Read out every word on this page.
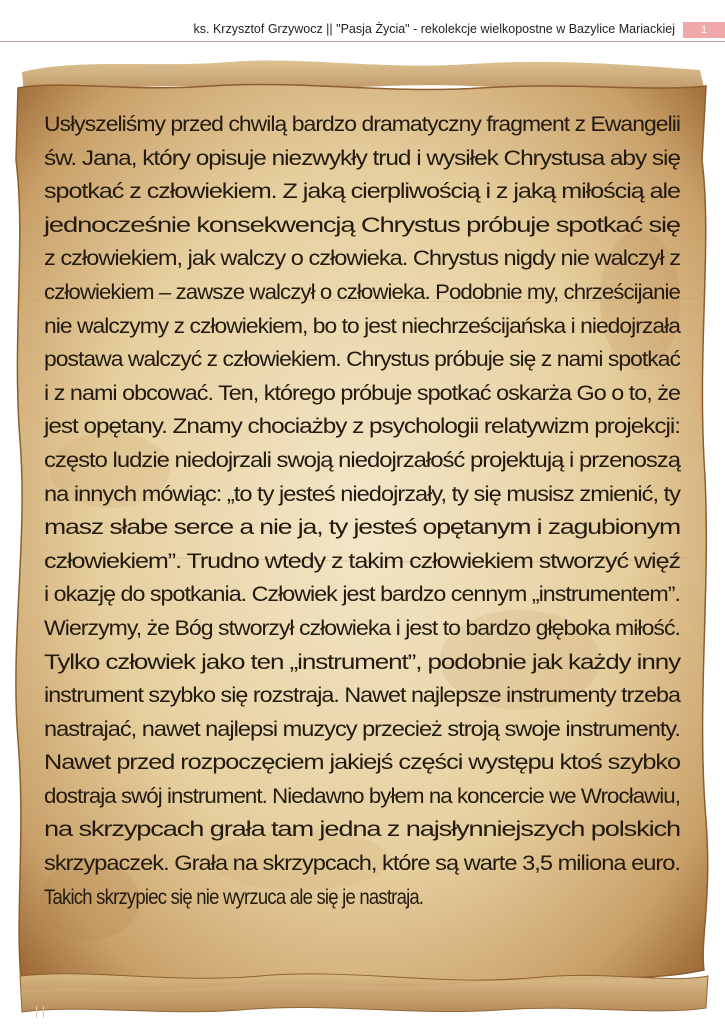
ks. Krzysztof Grzywocz || "Pasja Życia" - rekolekcje wielkopostne w Bazylice Mariackiej	1
Usłyszeliśmy przed chwilą bardzo dramatyczny fragment z Ewangelii
św. Jana, który opisuje niezwykły trud i wysiłek Chrystusa aby się
spotkać z człowiekiem. Z jaką cierpliwością i z jaką miłością ale
jednocześnie konsekwencją Chrystus próbuje spotkać się
z człowiekiem, jak walczy o człowieka. Chrystus nigdy nie walczył z
człowiekiem – zawsze walczył o człowieka. Podobnie my, chrześcijanie
nie walczymy z człowiekiem, bo to jest niechrześcijańska i niedojrzała
postawa walczyć z człowiekiem. Chrystus próbuje się z nami spotkać
i z nami obcować. Ten, którego próbuje spotkać oskarża Go o to, że
jest opętany. Znamy chociażby z psychologii relatywizm projekcji:
często ludzie niedojrzali swoją niedojrzałość projektują i przenoszą
na innych mówiąc: „to ty jesteś niedojrzały, ty się musisz zmienić, ty
masz słabe serce a nie ja, ty jesteś opętanym i zagubionym
człowiekiem”. Trudno wtedy z takim człowiekiem stworzyć więź
i okazję do spotkania. Człowiek jest bardzo cennym „instrumentem”.
Wierzymy, że Bóg stworzył człowieka i jest to bardzo głęboka miłość.
Tylko człowiek jako ten „instrument”, podobnie jak każdy inny
instrument szybko się rozstraja. Nawet najlepsze instrumenty trzeba
nastrajać, nawet najlepsi muzycy przecież stroją swoje instrumenty.
Nawet przed rozpoczęciem jakiejś części występu ktoś szybko
dostraja swój instrument. Niedawno byłem na koncercie we Wrocławiu,
na skrzypcach grała tam jedna z najsłynniejszych polskich
skrzypaczek. Grała na skrzypcach, które są warte 3,5 miliona euro.
Takich skrzypiec się nie wyrzuca ale się je nastraja.
